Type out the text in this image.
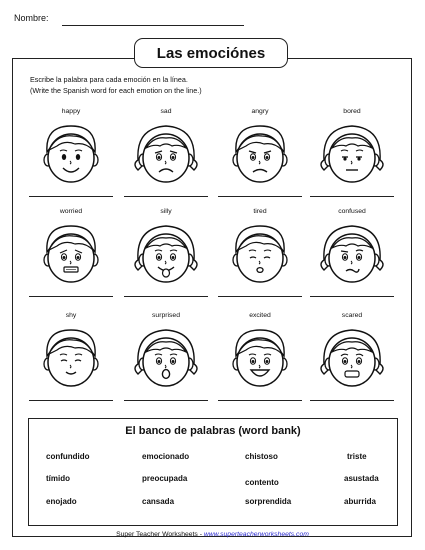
Nombre:
Las emociónes
Escribe la palabra para cada emoción en la línea.
(Write the Spanish word for each emotion on the line.)
happy	sad	angry	bored
worried	silly	tired	confused
shy	surprised	excited	scared
El banco de palabras (word bank)
confundido
tímido
enojado
emocionado
preocupada
cansada
chistoso
contento
sorprendida
triste
asustada
aburrida
Super Teacher Worksheets - www.superteacherworksheets.com
